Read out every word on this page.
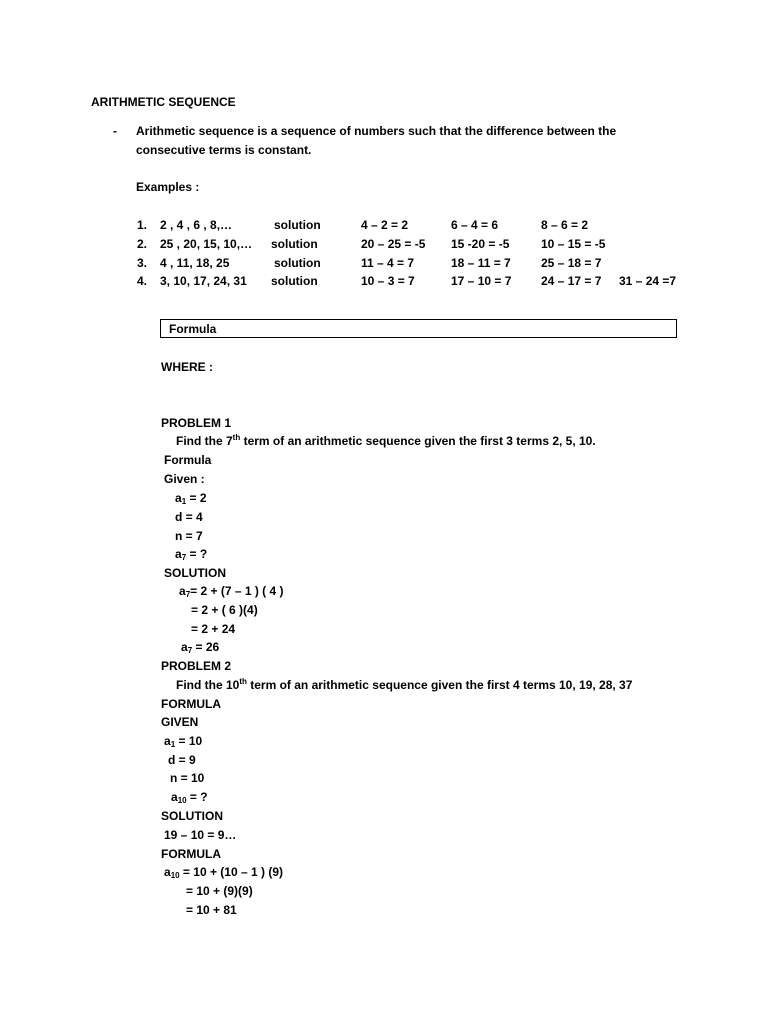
ARITHMETIC SEQUENCE
- Arithmetic sequence is a sequence of numbers such that the difference between the
consecutive terms is constant.
Examples :
1. 2 , 4 , 6 , 8,…	solution	4 – 2 = 2	6 – 4 = 6	8 – 6 = 2
2. 25 , 20, 15, 10,… solution	20 – 25 = -5 15 -20 = -5	10 – 15 = -5
3. 4 , 11, 18, 25	solution	11 – 4 = 7	18 – 11 = 7	25 – 18 = 7
4. 3, 10, 17, 24, 31 solution	10 – 3 = 7	17 – 10 = 7 24 – 17 = 7 31 – 24 =7
Formula
WHERE :
PROBLEM 1
Find the 7th term of an arithmetic sequence given the first 3 terms 2, 5, 10.
Formula
Given :
$a_1 = 2$
d = 4
n = 7
$a_7$ = ?
SOLUTION
$a_7= 2 + (7 - 1$ ) ( 4 )
= 2 + ( 6 )(4)
= 2 + 24
$a_7 = 26$
PROBLEM 2
Find the 10th term of an arithmetic sequence given the first 4 terms 10, 19, 28, 37
FORMULA
GIVEN
$a_1 = 10$
d = 9
n = 10
$a_{10}$ = ?
SOLUTION
19 – 10 = 9…
FORMULA
$a_{10} = 10 + (10 - 1$ ) (9)
= 10 + (9)(9)
= 10 + 81
